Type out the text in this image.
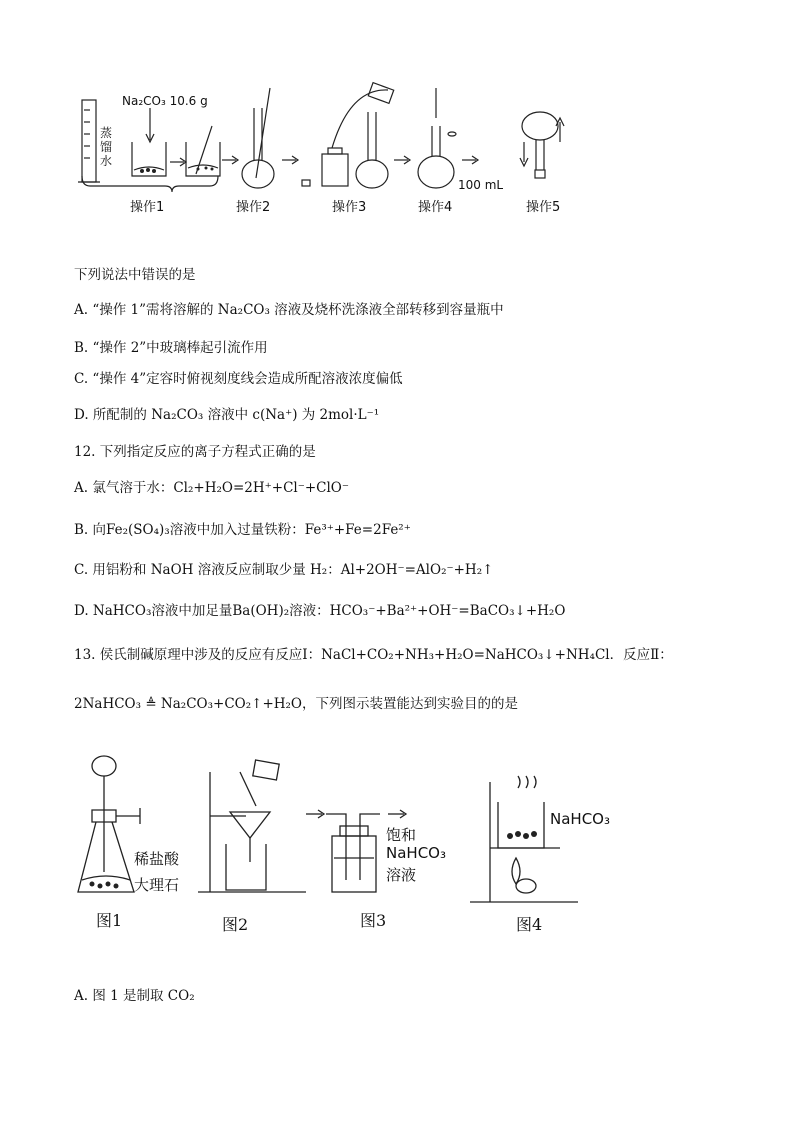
Na₂CO₃ 10.6 g
蒸馏水
100 mL
操作1	操作2	操作3	操作4	操作5
下列说法中错误的是
A. “操作 1”需将溶解的 Na₂CO₃ 溶液及烧杯洗涤液全部转移到容量瓶中
B. “操作 2”中玻璃棒起引流作用
C. “操作 4”定容时俯视刻度线会造成所配溶液浓度偏低
D. 所配制的 Na₂CO₃ 溶液中 c(Na⁺) 为 2mol·L⁻¹
12. 下列指定反应的离子方程式正确的是
A. 氯气溶于水：Cl₂+H₂O=2H⁺+Cl⁻+ClO⁻
B. 向Fe₂(SO₄)₃溶液中加入过量铁粉：Fe³⁺+Fe=2Fe²⁺
C. 用铝粉和 NaOH 溶液反应制取少量 H₂：Al+2OH⁻=AlO₂⁻+H₂↑
D. NaHCO₃溶液中加足量Ba(OH)₂溶液：HCO₃⁻+Ba²⁺+OH⁻=BaCO₃↓+H₂O
13. 侯氏制碱原理中涉及的反应有反应Ⅰ：NaCl+CO₂+NH₃+H₂O=NaHCO₃↓+NH₄Cl．反应Ⅱ：
2NaHCO₃ ≜ Na₂CO₃+CO₂↑+H₂O，下列图示装置能达到实验目的的是
稀盐酸
大理石
饱和
NaHCO₃
溶液
NaHCO₃
图1	图2	图3	图4
A. 图 1 是制取 CO₂
